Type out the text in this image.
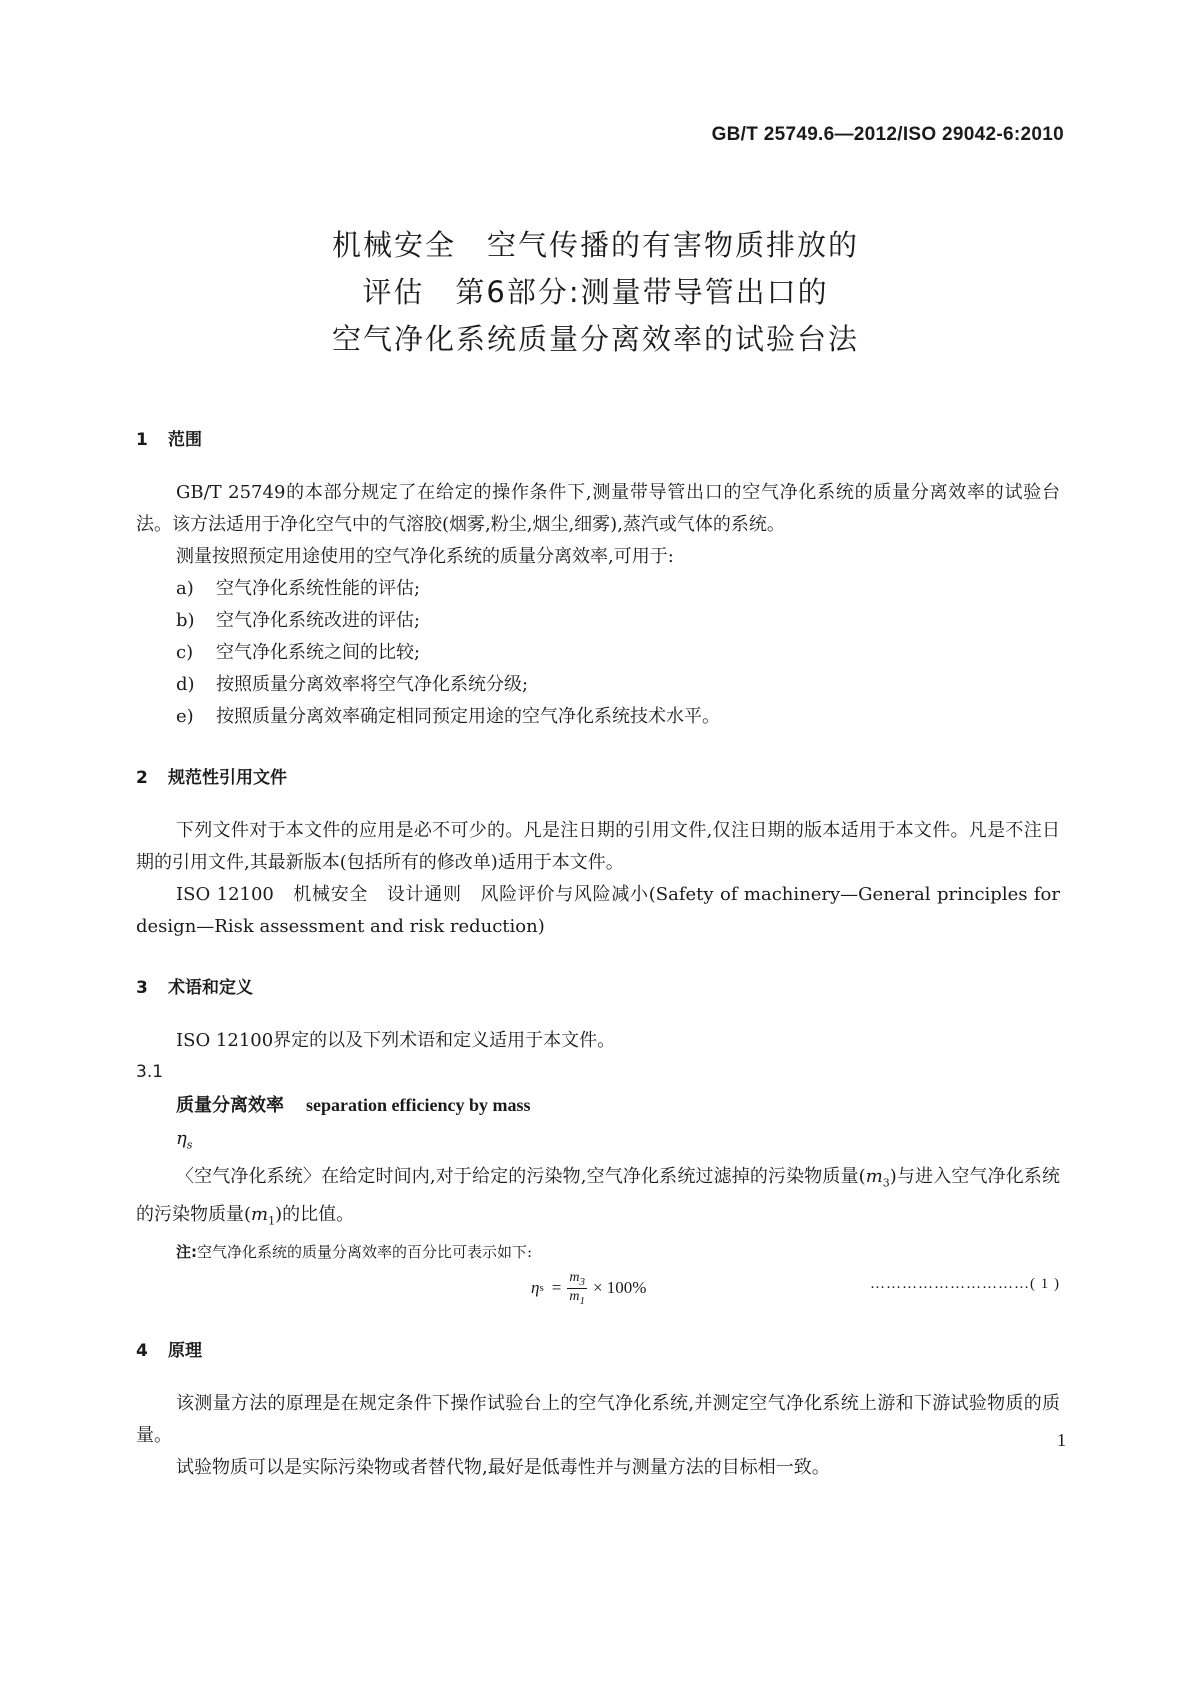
GB/T 25749.6—2012/ISO 29042-6:2010
机械安全　空气传播的有害物质排放的
评估　第6部分:测量带导管出口的
空气净化系统质量分离效率的试验台法
1 范围

GB/T 25749的本部分规定了在给定的操作条件下,测量带导管出口的空气净化系统的质量分离效率的试验台法。该方法适用于净化空气中的气溶胶(烟雾,粉尘,烟尘,细雾),蒸汽或气体的系统。

测量按照预定用途使用的空气净化系统的质量分离效率,可用于:

a) 空气净化系统性能的评估;

b) 空气净化系统改进的评估;

c) 空气净化系统之间的比较;

d) 按照质量分离效率将空气净化系统分级;

e) 按照质量分离效率确定相同预定用途的空气净化系统技术水平。

2 规范性引用文件

下列文件对于本文件的应用是必不可少的。凡是注日期的引用文件,仅注日期的版本适用于本文件。凡是不注日期的引用文件,其最新版本(包括所有的修改单)适用于本文件。

ISO 12100　机械安全　设计通则　风险评价与风险减小(Safety of machinery—General principles for design—Risk assessment and risk reduction)

3 术语和定义

ISO 12100界定的以及下列术语和定义适用于本文件。

3.1
质量分离效率 separation efficiency by mass
$\eta_s$

〈空气净化系统〉在给定时间内,对于给定的污染物,空气净化系统过滤掉的污染物质量$(m_3)$与进入空气净化系统的污染物质量$(m_1)$的比值。

注:空气净化系统的质量分离效率的百分比可表示如下:
η $s = \frac{m_3}{m_1} \times 100\%$	…………………………( 1 )
4 原理

该测量方法的原理是在规定条件下操作试验台上的空气净化系统,并测定空气净化系统上游和下游试验物质的质量。

试验物质可以是实际污染物或者替代物,最好是低毒性并与测量方法的目标相一致。

1
